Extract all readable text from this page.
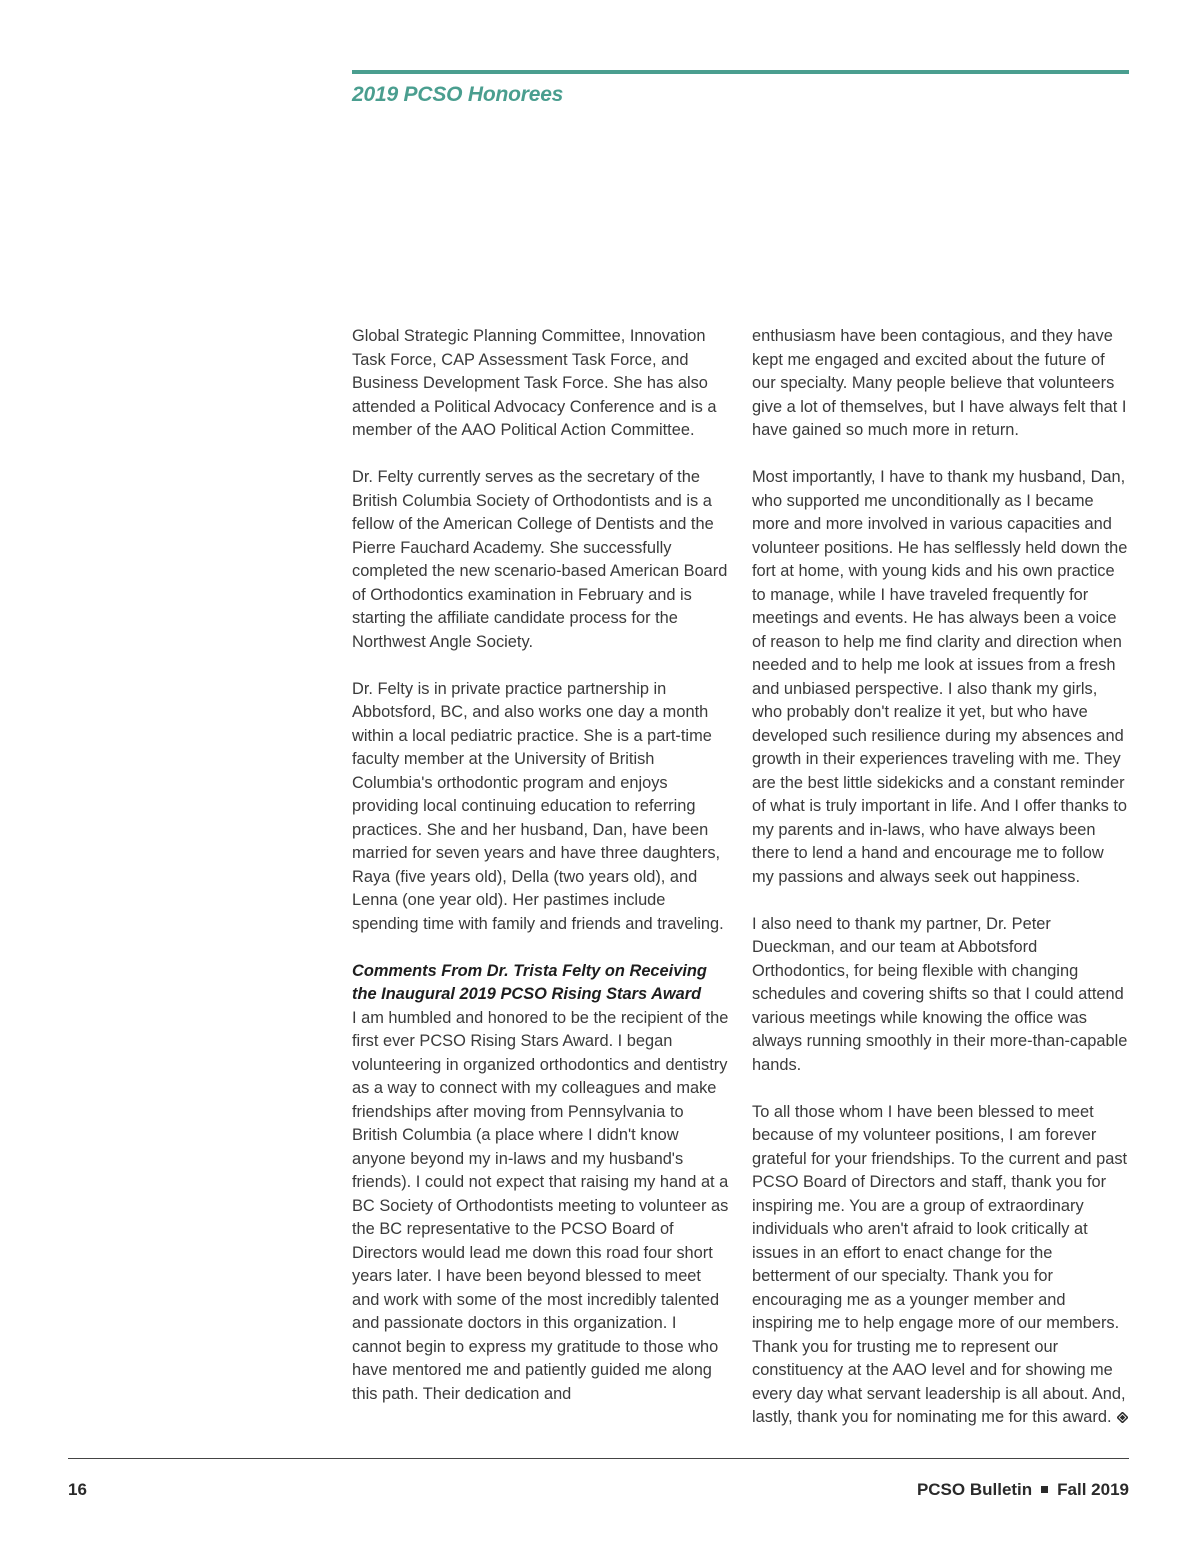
2019 PCSO Honorees

Global Strategic Planning Committee, Innovation Task Force, CAP Assessment Task Force, and Business Development Task Force. She has also attended a Political Advocacy Conference and is a member of the AAO Political Action Committee.

Dr. Felty currently serves as the secretary of the British Columbia Society of Orthodontists and is a fellow of the American College of Dentists and the Pierre Fauchard Academy. She successfully completed the new scenario-based American Board of Orthodontics examination in February and is starting the affiliate candidate process for the Northwest Angle Society.

Dr. Felty is in private practice partnership in Abbotsford, BC, and also works one day a month within a local pediatric practice. She is a part-time faculty member at the University of British Columbia's orthodontic program and enjoys providing local continuing education to referring practices. She and her husband, Dan, have been married for seven years and have three daughters, Raya (five years old), Della (two years old), and Lenna (one year old). Her pastimes include spending time with family and friends and traveling.

Comments From Dr. Trista Felty on Receiving the Inaugural 2019 PCSO Rising Stars Award
I am humbled and honored to be the recipient of the first ever PCSO Rising Stars Award. I began volunteering in organized orthodontics and dentistry as a way to connect with my colleagues and make friendships after moving from Pennsylvania to British Columbia (a place where I didn't know anyone beyond my in-laws and my husband's friends). I could not expect that raising my hand at a BC Society of Orthodontists meeting to volunteer as the BC representative to the PCSO Board of Directors would lead me down this road four short years later. I have been beyond blessed to meet and work with some of the most incredibly talented and passionate doctors in this organization. I cannot begin to express my gratitude to those who have mentored me and patiently guided me along this path. Their dedication and

enthusiasm have been contagious, and they have kept me engaged and excited about the future of our specialty. Many people believe that volunteers give a lot of themselves, but I have always felt that I have gained so much more in return.

Most importantly, I have to thank my husband, Dan, who supported me unconditionally as I became more and more involved in various capacities and volunteer positions. He has selflessly held down the fort at home, with young kids and his own practice to manage, while I have traveled frequently for meetings and events. He has always been a voice of reason to help me find clarity and direction when needed and to help me look at issues from a fresh and unbiased perspective. I also thank my girls, who probably don't realize it yet, but who have developed such resilience during my absences and growth in their experiences traveling with me. They are the best little sidekicks and a constant reminder of what is truly important in life. And I offer thanks to my parents and in-laws, who have always been there to lend a hand and encourage me to follow my passions and always seek out happiness.

I also need to thank my partner, Dr. Peter Dueckman, and our team at Abbotsford Orthodontics, for being flexible with changing schedules and covering shifts so that I could attend various meetings while knowing the office was always running smoothly in their more-than-capable hands.

To all those whom I have been blessed to meet because of my volunteer positions, I am forever grateful for your friendships. To the current and past PCSO Board of Directors and staff, thank you for inspiring me. You are a group of extraordinary individuals who aren't afraid to look critically at issues in an effort to enact change for the betterment of our specialty. Thank you for encouraging me as a younger member and inspiring me to help engage more of our members. Thank you for trusting me to represent our constituency at the AAO level and for showing me every day what servant leadership is all about. And, lastly, thank you for nominating me for this award.

16	PCSO Bulletin Fall 2019
